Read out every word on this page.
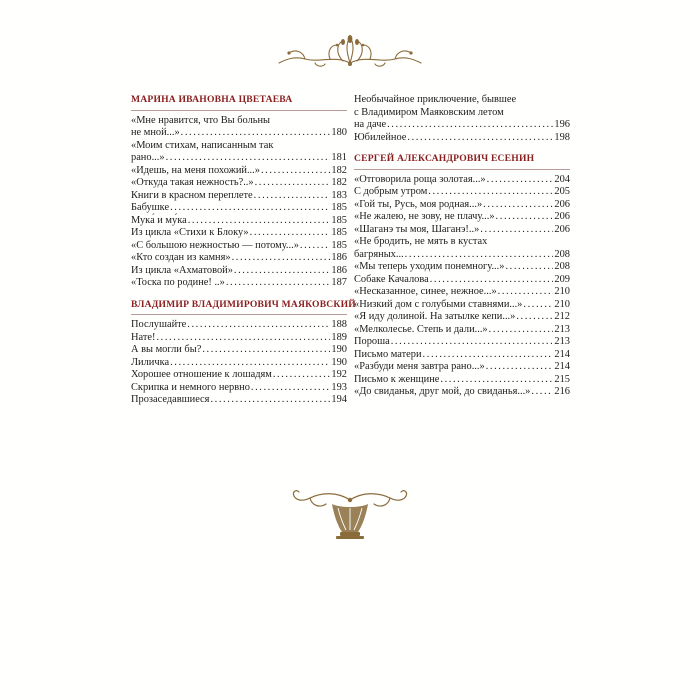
МАРИНА ИВАНОВНА ЦВЕТАЕВА
«Мне нравится, что Вы больны
не мной...» . . .	180
«Моим стихам, написанным так
рано...» . . .	181
«Идешь, на меня похожий...» . . .	182
«Откуда такая нежность?..» . . .	182
Книги в красном переплете . . .	183
Бабушке . . .	185
Мука́ и му́ка . . .	185
Из цикла «Стихи к Блоку» . . .	185
«С большою нежностью — потому...» . . .	185
«Кто создан из камня» . . .	186
Из цикла «Ахматовой» . . .	186
«Тоска по родине! ..» . . .	187
ВЛАДИМИР ВЛАДИМИРОВИЧ МАЯКОВСКИЙ
Послушайте . . .	188
Нате! . . .	189
А вы могли бы? . . .	190
Лиличка . . .	190
Хорошее отношение к лошадям . . .	192
Скрипка и немного нервно . . .	193
Прозаседавшиеся . . .	194
Необычайное приключение, бывшее
с Владимиром Маяковским летом
на даче . . .	196
Юбилейное . . .	198
СЕРГЕЙ АЛЕКСАНДРОВИЧ ЕСЕНИН
«Отговорила роща золотая...» . . .	204
С добрым утром . . .	205
«Гой ты, Русь, моя родная...» . . .	206
«Не жалею, не зову, не плачу...» . . .	206
«Шаганэ ты моя, Шаганэ!..» . . .	206
«Не бродить, не мять в кустах
багряных... . . .	208
«Мы теперь уходим понемногу...» . . .	208
Собаке Качалова . . .	209
«Несказанное, синее, нежное...» . . .	210
«Низкий дом с голубыми ставнями...» . . .	210
«Я иду долиной. На затылке кепи...» . . .	212
«Мелколесье. Степь и дали...» . . .	213
Пороша . . .	213
Письмо матери . . .	214
«Разбуди меня завтра рано...» . . .	214
Письмо к женщине . . .	215
«До свиданья, друг мой, до свиданья...» . . . 216
